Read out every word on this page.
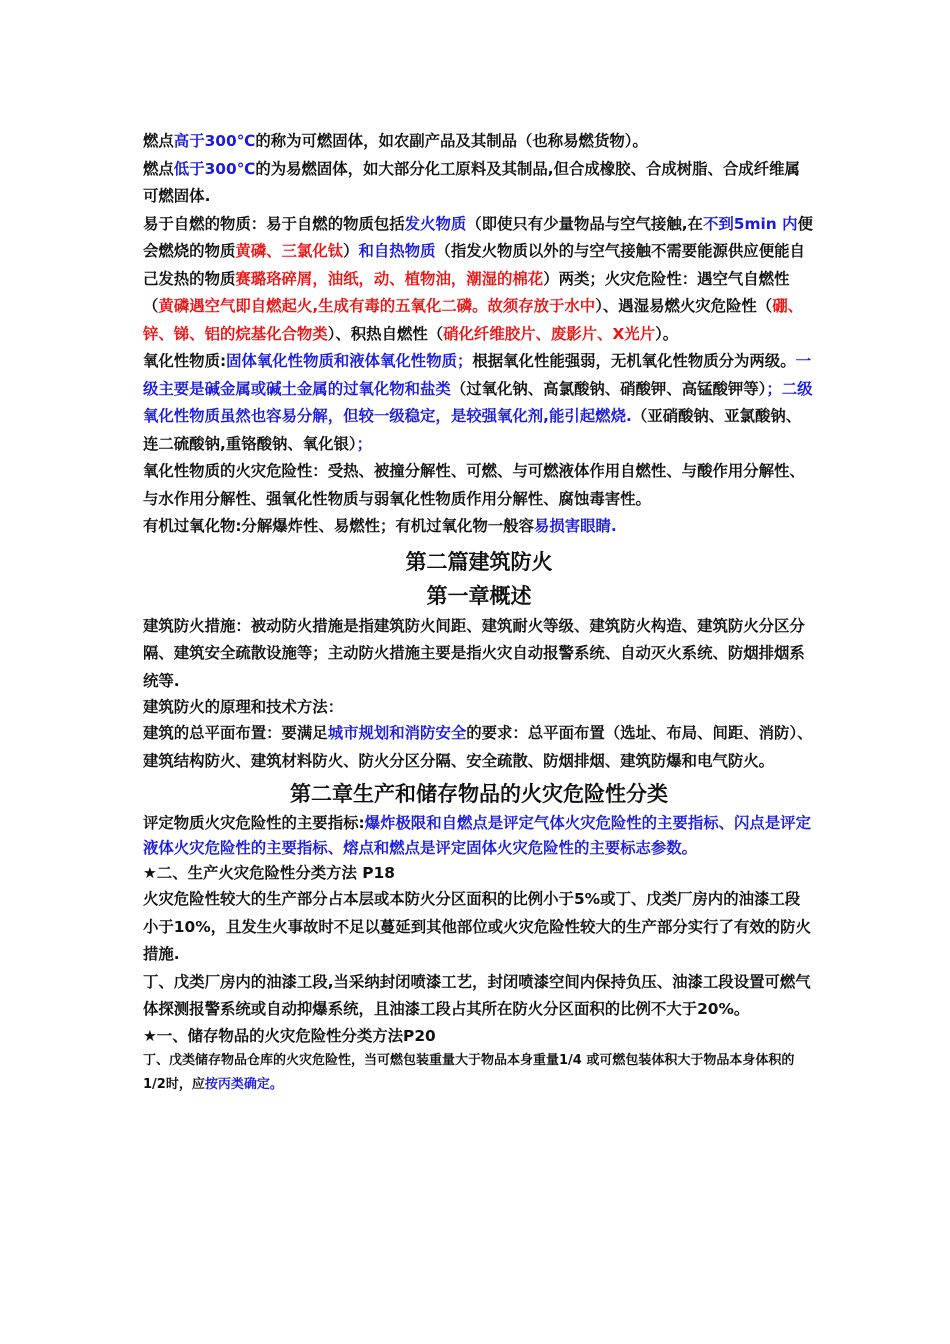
燃点高于300℃的称为可燃固体，如农副产品及其制品（也称易燃货物）。

燃点低于300℃的为易燃固体，如大部分化工原料及其制品,但合成橡胶、合成树脂、合成纤维属可燃固体.

易于自燃的物质：易于自燃的物质包括发火物质（即使只有少量物品与空气接触,在不到5min 内便会燃烧的物质黄磷、三氯化钛）和自热物质（指发火物质以外的与空气接触不需要能源供应便能自己发热的物质赛璐珞碎屑，油纸，动、植物油，潮湿的棉花）两类；火灾危险性：遇空气自燃性（黄磷遇空气即自燃起火,生成有毒的五氧化二磷。故须存放于水中）、遇湿易燃火灾危险性（硼、锌、锑、铝的烷基化合物类）、积热自燃性（硝化纤维胶片、废影片、X光片）。

氧化性物质:固体氧化性物质和液体氧化性物质；根据氧化性能强弱，无机氧化性物质分为两级。一级主要是碱金属或碱土金属的过氧化物和盐类（过氧化钠、高氯酸钠、硝酸钾、高锰酸钾等）；二级氧化性物质虽然也容易分解，但较一级稳定，是较强氧化剂,能引起燃烧.（亚硝酸钠、亚氯酸钠、连二硫酸钠,重铬酸钠、氧化银）；

氧化性物质的火灾危险性：受热、被撞分解性、可燃、与可燃液体作用自燃性、与酸作用分解性、与水作用分解性、强氧化性物质与弱氧化性物质作用分解性、腐蚀毒害性。

有机过氧化物:分解爆炸性、易燃性；有机过氧化物一般容易损害眼睛.

第二篇建筑防火

第一章概述

建筑防火措施：被动防火措施是指建筑防火间距、建筑耐火等级、建筑防火构造、建筑防火分区分隔、建筑安全疏散设施等；主动防火措施主要是指火灾自动报警系统、自动灭火系统、防烟排烟系统等.

建筑防火的原理和技术方法：

建筑的总平面布置：要满足城市规划和消防安全的要求：总平面布置（选址、布局、间距、消防）、建筑结构防火、建筑材料防火、防火分区分隔、安全疏散、防烟排烟、建筑防爆和电气防火。

第二章生产和储存物品的火灾危险性分类

评定物质火灾危险性的主要指标:爆炸极限和自燃点是评定气体火灾危险性的主要指标、闪点是评定液体火灾危险性的主要指标、熔点和燃点是评定固体火灾危险性的主要标志参数。

★二、生产火灾危险性分类方法 P18

火灾危险性较大的生产部分占本层或本防火分区面积的比例小于5%或丁、戊类厂房内的油漆工段小于10%，且发生火事故时不足以蔓延到其他部位或火灾危险性较大的生产部分实行了有效的防火措施.

丁、戊类厂房内的油漆工段,当采纳封闭喷漆工艺，封闭喷漆空间内保持负压、油漆工段设置可燃气体探测报警系统或自动抑爆系统，且油漆工段占其所在防火分区面积的比例不大于20%。

★一、储存物品的火灾危险性分类方法P20

丁、戊类储存物品仓库的火灾危险性，当可燃包装重量大于物品本身重量1/4 或可燃包装体积大于物品本身体积的1/2时，应按丙类确定。
